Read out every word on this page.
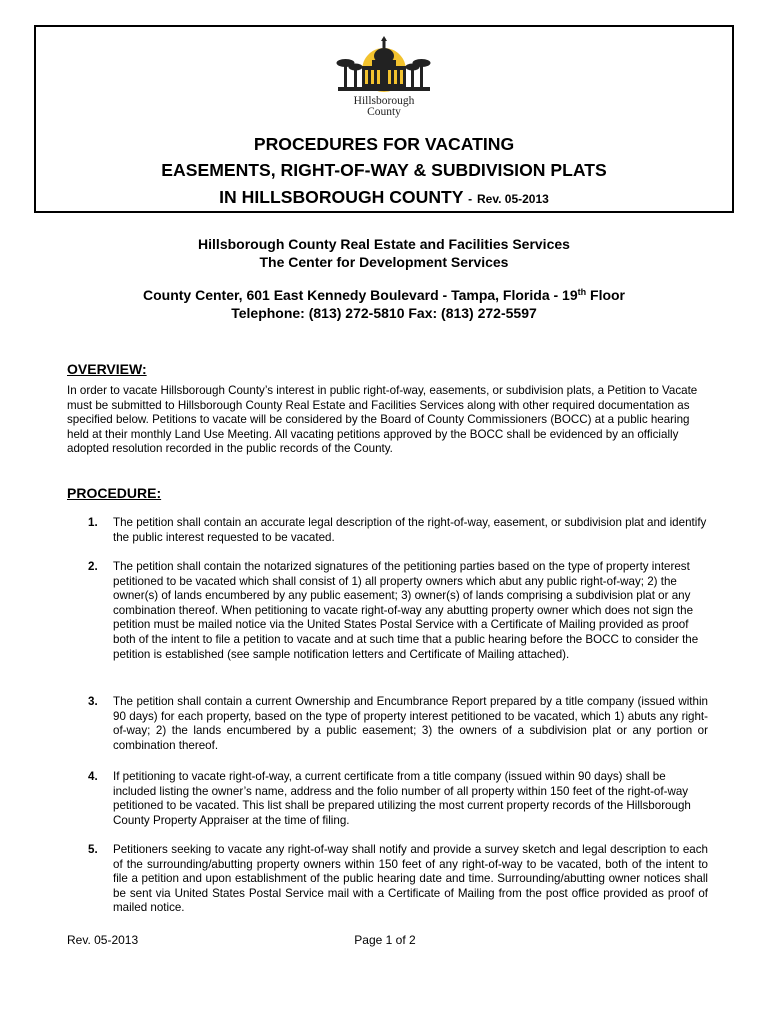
Hillsborough
County
PROCEDURES FOR VACATING
EASEMENTS, RIGHT-OF-WAY & SUBDIVISION PLATS
IN HILLSBOROUGH COUNTY - Rev. 05-2013
Hillsborough County Real Estate and Facilities Services
The Center for Development Services
County Center, 601 East Kennedy Boulevard - Tampa, Florida - 19th Floor
Telephone: (813) 272-5810 Fax: (813) 272-5597
OVERVIEW:
In order to vacate Hillsborough County’s interest in public right-of-way, easements, or subdivision plats, a Petition to Vacate must be submitted to Hillsborough County Real Estate and Facilities Services along with other required documentation as specified below. Petitions to vacate will be considered by the Board of County Commissioners (BOCC) at a public hearing held at their monthly Land Use Meeting. All vacating petitions approved by the BOCC shall be evidenced by an officially adopted resolution recorded in the public records of the County.
PROCEDURE:
1. The petition shall contain an accurate legal description of the right-of-way, easement, or subdivision plat and identify the public interest requested to be vacated.
2. The petition shall contain the notarized signatures of the petitioning parties based on the type of property interest petitioned to be vacated which shall consist of 1) all property owners which abut any public right-of-way; 2) the owner(s) of lands encumbered by any public easement; 3) owner(s) of lands comprising a subdivision plat or any combination thereof. When petitioning to vacate right-of-way any abutting property owner which does not sign the petition must be mailed notice via the United States Postal Service with a Certificate of Mailing provided as proof both of the intent to file a petition to vacate and at such time that a public hearing before the BOCC to consider the petition is established (see sample notification letters and Certificate of Mailing attached).
3. The petition shall contain a current Ownership and Encumbrance Report prepared by a title company (issued within 90 days) for each property, based on the type of property interest petitioned to be vacated, which 1) abuts any right-of-way; 2) the lands encumbered by a public easement; 3) the owners of a subdivision plat or any portion or combination thereof.
4. If petitioning to vacate right-of-way, a current certificate from a title company (issued within 90 days) shall be included listing the owner’s name, address and the folio number of all property within 150 feet of the right-of-way petitioned to be vacated. This list shall be prepared utilizing the most current property records of the Hillsborough County Property Appraiser at the time of filing.
5. Petitioners seeking to vacate any right-of-way shall notify and provide a survey sketch and legal description to each of the surrounding/abutting property owners within 150 feet of any right-of-way to be vacated, both of the intent to file a petition and upon establishment of the public hearing date and time. Surrounding/abutting owner notices shall be sent via United States Postal Service mail with a Certificate of Mailing from the post office provided as proof of mailed notice.
Rev. 05-2013	Page 1 of 2
